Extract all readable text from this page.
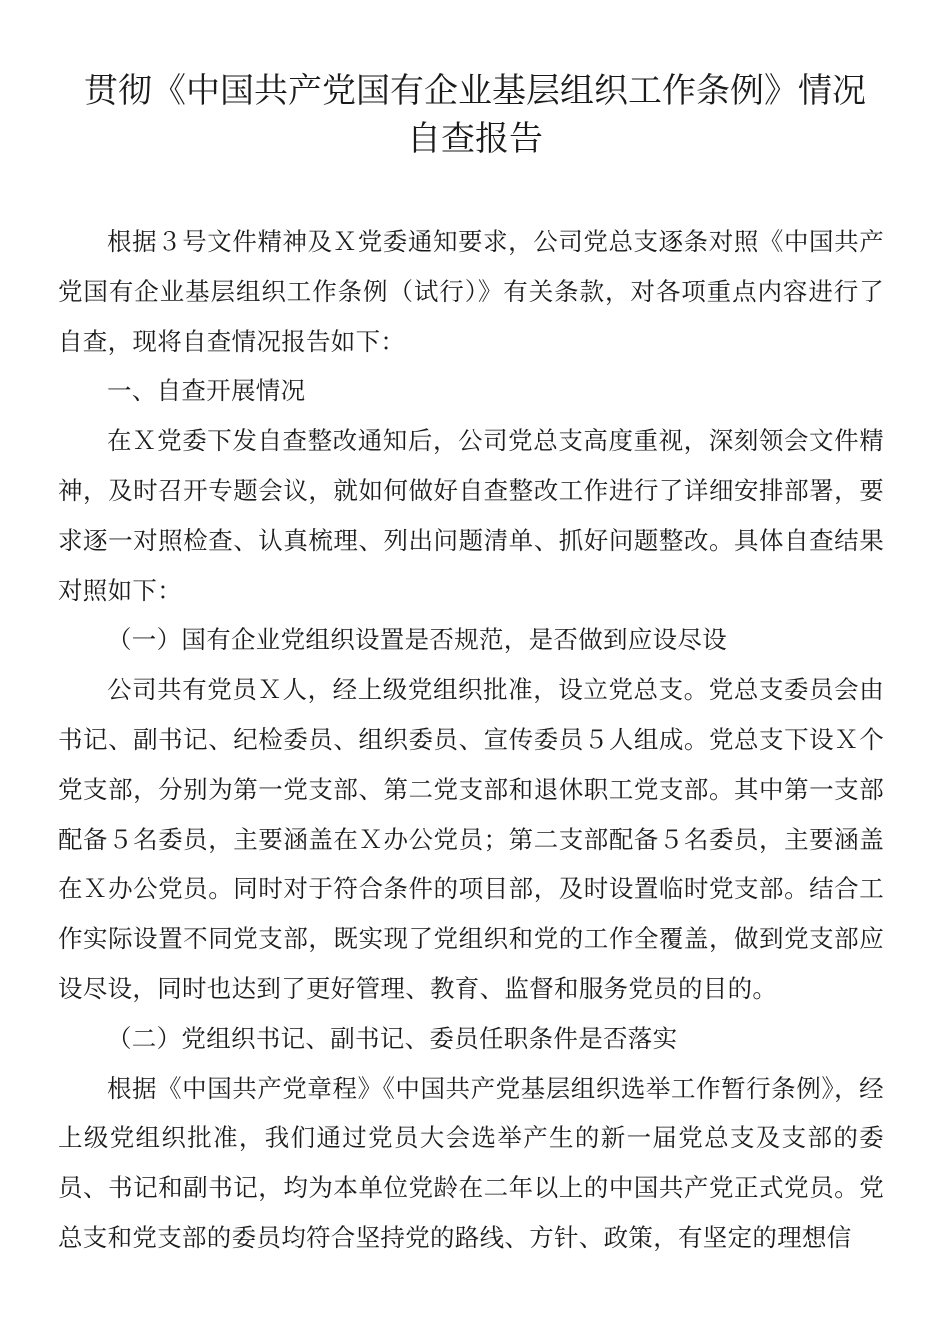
贯彻《中国共产党国有企业基层组织工作条例》情况
自查报告

根据３号文件精神及Ｘ党委通知要求，公司党总支逐条对照《中国共产党国有企业基层组织工作条例（试行）》有关条款，对各项重点内容进行了自查，现将自查情况报告如下：

一、自查开展情况

在Ｘ党委下发自查整改通知后，公司党总支高度重视，深刻领会文件精神，及时召开专题会议，就如何做好自查整改工作进行了详细安排部署，要求逐一对照检查、认真梳理、列出问题清单、抓好问题整改。具体自查结果对照如下：

（一）国有企业党组织设置是否规范，是否做到应设尽设

公司共有党员Ｘ人，经上级党组织批准，设立党总支。党总支委员会由书记、副书记、纪检委员、组织委员、宣传委员５人组成。党总支下设Ｘ个党支部，分别为第一党支部、第二党支部和退休职工党支部。其中第一支部配备５名委员，主要涵盖在Ｘ办公党员；第二支部配备５名委员，主要涵盖在Ｘ办公党员。同时对于符合条件的项目部，及时设置临时党支部。结合工作实际设置不同党支部，既实现了党组织和党的工作全覆盖，做到党支部应设尽设，同时也达到了更好管理、教育、监督和服务党员的目的。

（二）党组织书记、副书记、委员任职条件是否落实

根据《中国共产党章程》《中国共产党基层组织选举工作暂行条例》，经上级党组织批准，我们通过党员大会选举产生的新一届党总支及支部的委员、书记和副书记，均为本单位党龄在二年以上的中国共产党正式党员。党总支和党支部的委员均符合坚持党的路线、方针、政策，有坚定的理想信
